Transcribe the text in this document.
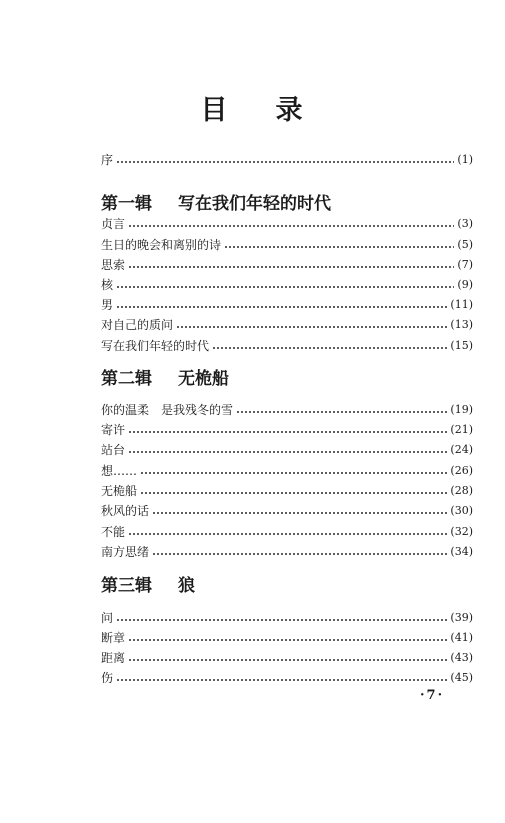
目 录
序	(1)
第一辑 写在我们年轻的时代
贞言	(3)
生日的晚会和离别的诗	(5)
思索	(7)
核	(9)
男	(11)
对自己的质问	(13)
写在我们年轻的时代	(15)
第二辑 无桅船
你的温柔　是我残冬的雪	(19)
寄许	(21)
站台	(24)
想……	(26)
无桅船	(28)
秋风的话	(30)
不能	(32)
南方思绪	(34)
第三辑 狼
问	(39)
断章	(41)
距离	(43)
伤	(45)
·7·
